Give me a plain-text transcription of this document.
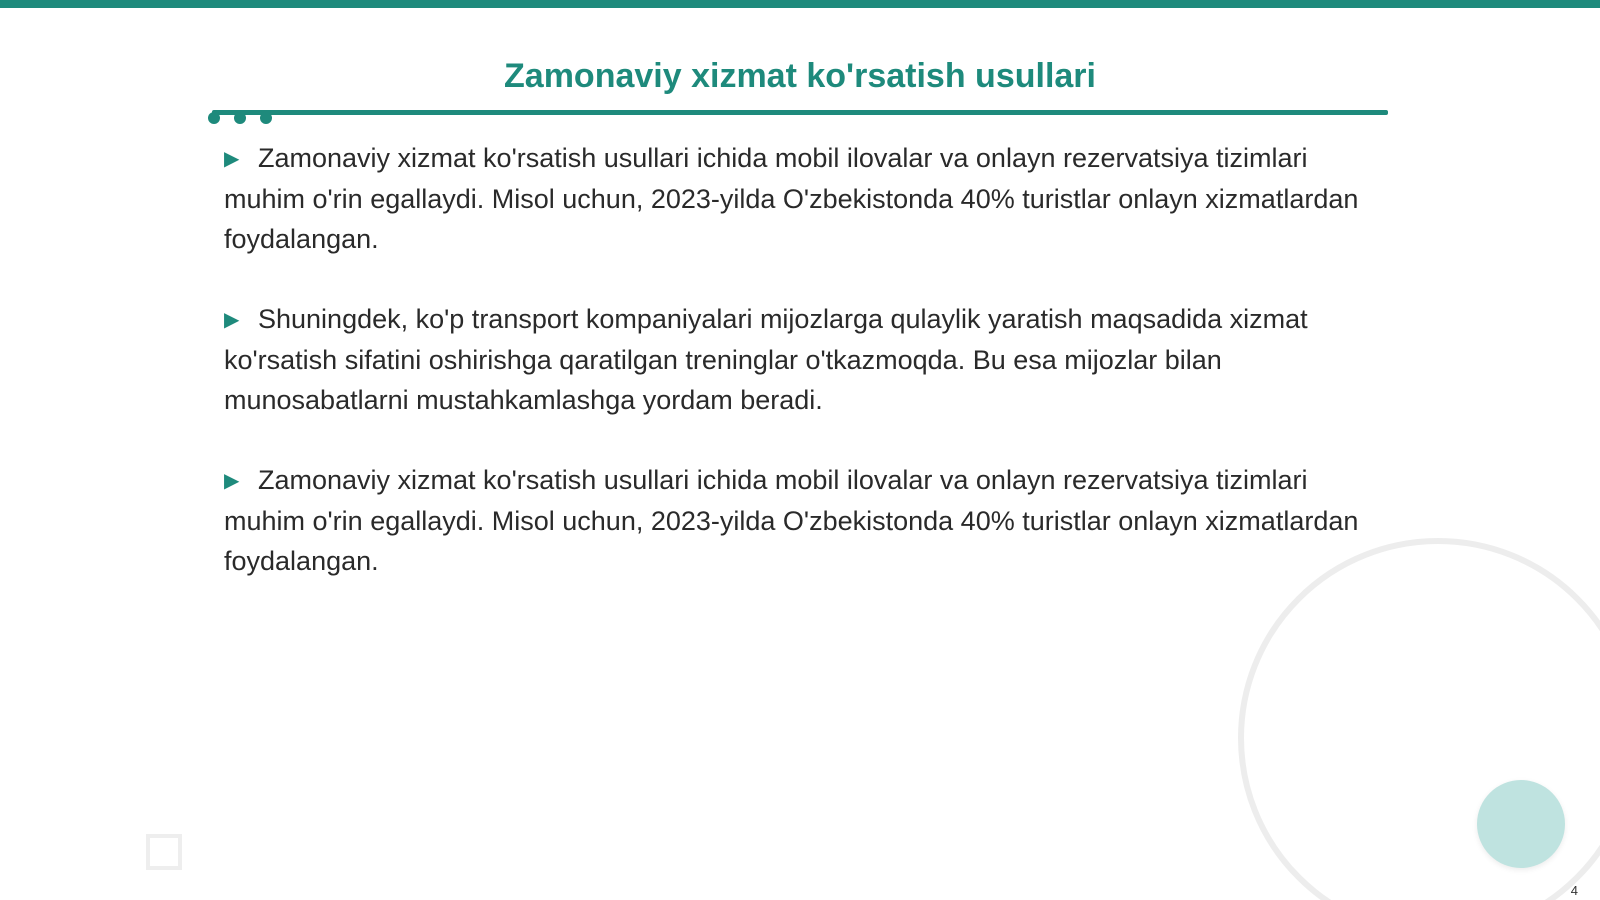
Zamonaviy xizmat ko'rsatish usullari

▶ Zamonaviy xizmat ko'rsatish usullari ichida mobil ilovalar va onlayn rezervatsiya tizimlari muhim o'rin egallaydi. Misol uchun, 2023-yilda O'zbekistonda 40% turistlar onlayn xizmatlardan foydalangan.

▶ Shuningdek, ko'p transport kompaniyalari mijozlarga qulaylik yaratish maqsadida xizmat ko'rsatish sifatini oshirishga qaratilgan treninglar o'tkazmoqda. Bu esa mijozlar bilan munosabatlarni mustahkamlashga yordam beradi.

▶ Zamonaviy xizmat ko'rsatish usullari ichida mobil ilovalar va onlayn rezervatsiya tizimlari muhim o'rin egallaydi. Misol uchun, 2023-yilda O'zbekistonda 40% turistlar onlayn xizmatlardan foydalangan.

4
